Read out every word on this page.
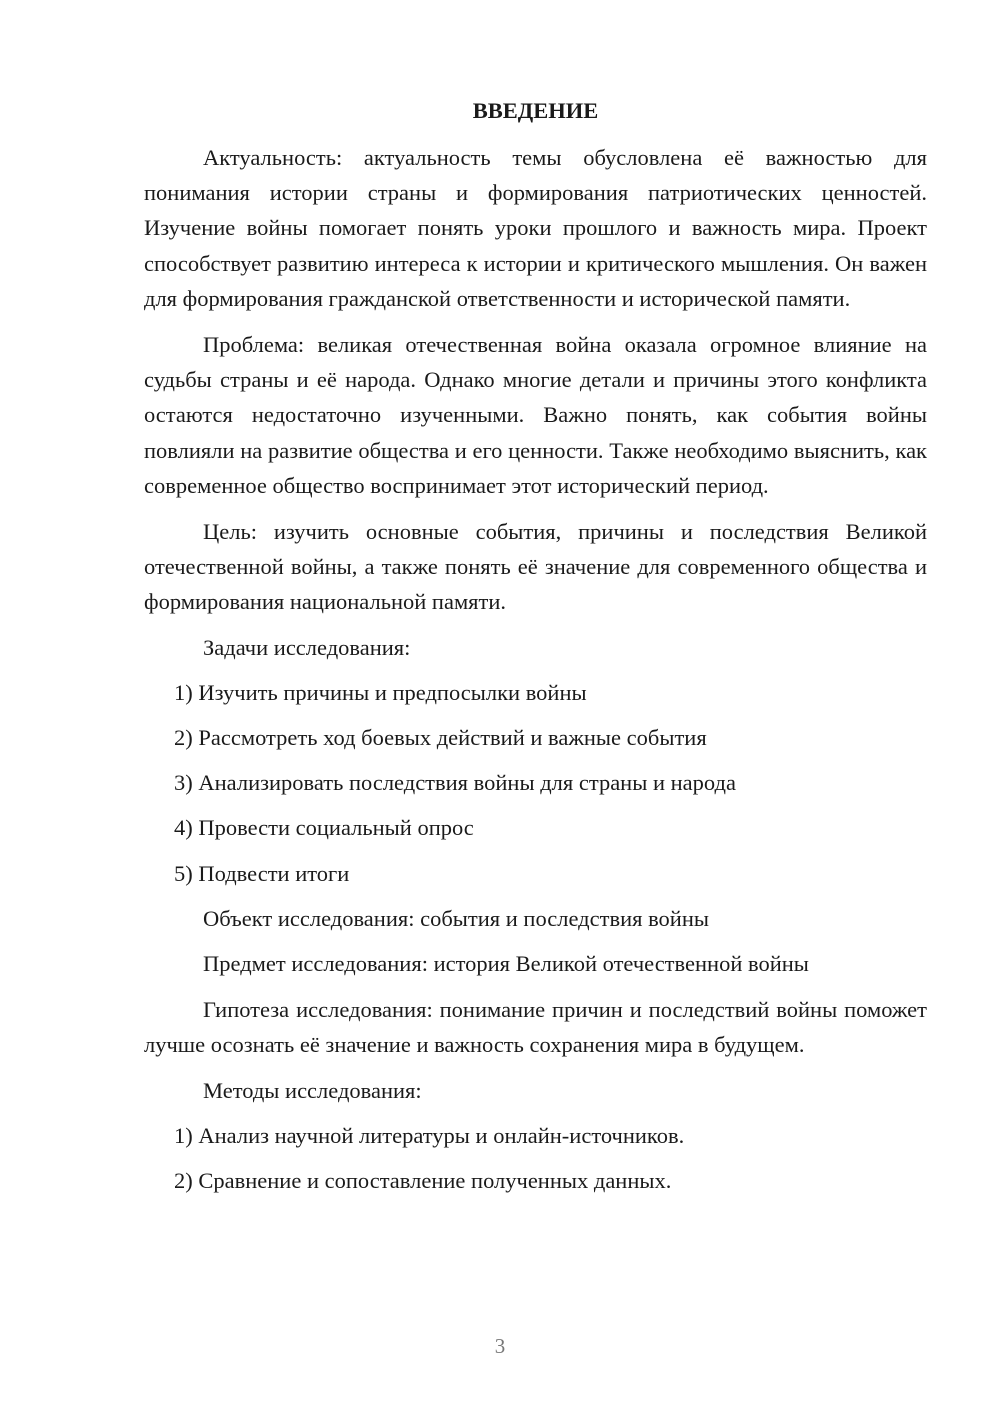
ВВЕДЕНИЕ

Актуальность: актуальность темы обусловлена её важностью для понимания истории страны и формирования патриотических ценностей. Изучение войны помогает понять уроки прошлого и важность мира. Проект способствует развитию интереса к истории и критического мышления. Он важен для формирования гражданской ответственности и исторической памяти.

Проблема: великая отечественная война оказала огромное влияние на судьбы страны и её народа. Однако многие детали и причины этого конфликта остаются недостаточно изученными. Важно понять, как события войны повлияли на развитие общества и его ценности. Также необходимо выяснить, как современное общество воспринимает этот исторический период.

Цель: изучить основные события, причины и последствия Великой отечественной войны, а также понять её значение для современного общества и формирования национальной памяти.

Задачи исследования:
1) Изучить причины и предпосылки войны
2) Рассмотреть ход боевых действий и важные события
3) Анализировать последствия войны для страны и народа
4) Провести социальный опрос
5) Подвести итоги
Объект исследования: события и последствия войны
Предмет исследования: история Великой отечественной войны

Гипотеза исследования: понимание причин и последствий войны поможет лучше осознать её значение и важность сохранения мира в будущем.

Методы исследования:
1) Анализ научной литературы и онлайн-источников.
2) Сравнение и сопоставление полученных данных.
3
